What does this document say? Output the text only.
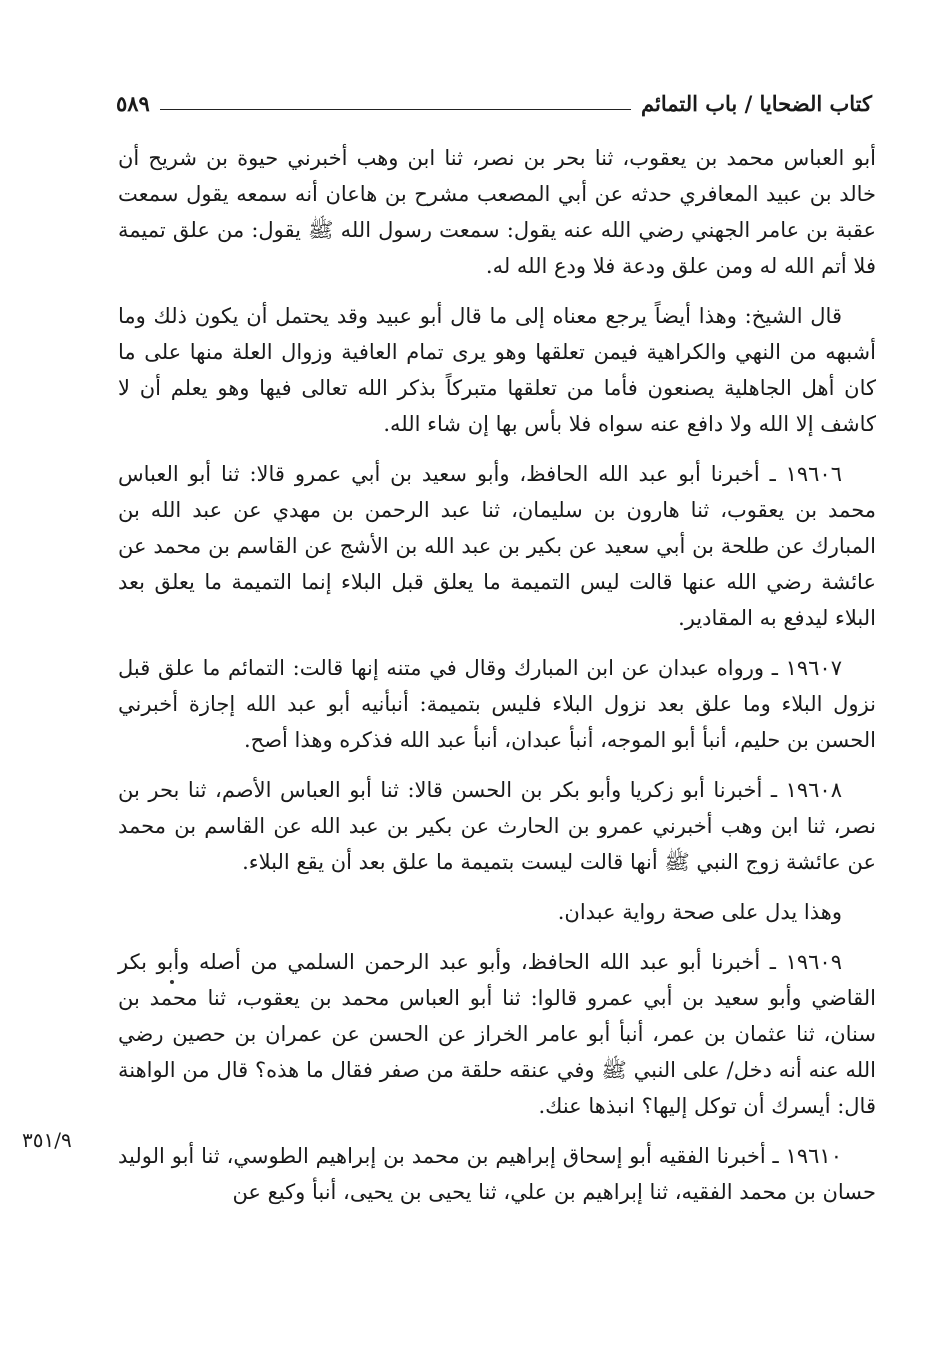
كتاب الضحايا / باب التمائم
٥٨٩

أبو العباس محمد بن يعقوب، ثنا بحر بن نصر، ثنا ابن وهب أخبرني حيوة بن شريح أن خالد بن عبيد المعافري حدثه عن أبي المصعب مشرح بن هاعان أنه سمعه يقول سمعت عقبة بن عامر الجهني رضي الله عنه يقول: سمعت رسول الله ﷺ يقول: من علق تميمة فلا أتم الله له ومن علق ودعة فلا ودع الله له.

قال الشيخ: وهذا أيضاً يرجع معناه إلى ما قال أبو عبيد وقد يحتمل أن يكون ذلك وما أشبهه من النهي والكراهية فيمن تعلقها وهو يرى تمام العافية وزوال العلة منها على ما كان أهل الجاهلية يصنعون فأما من تعلقها متبركاً بذكر الله تعالى فيها وهو يعلم أن لا كاشف إلا الله ولا دافع عنه سواه فلا بأس بها إن شاء الله.

١٩٦٠٦ ـ أخبرنا أبو عبد الله الحافظ، وأبو سعيد بن أبي عمرو قالا: ثنا أبو العباس محمد بن يعقوب، ثنا هارون بن سليمان، ثنا عبد الرحمن بن مهدي عن عبد الله بن المبارك عن طلحة بن أبي سعيد عن بكير بن عبد الله بن الأشج عن القاسم بن محمد عن عائشة رضي الله عنها قالت ليس التميمة ما يعلق قبل البلاء إنما التميمة ما يعلق بعد البلاء ليدفع به المقادير.

١٩٦٠٧ ـ ورواه عبدان عن ابن المبارك وقال في متنه إنها قالت: التمائم ما علق قبل نزول البلاء وما علق بعد نزول البلاء فليس بتميمة: أنبأنيه أبو عبد الله إجازة أخبرني الحسن بن حليم، أنبأ أبو الموجه، أنبأ عبدان، أنبأ عبد الله فذكره وهذا أصح.

١٩٦٠٨ ـ أخبرنا أبو زكريا وأبو بكر بن الحسن قالا: ثنا أبو العباس الأصم، ثنا بحر بن نصر، ثنا ابن وهب أخبرني عمرو بن الحارث عن بكير بن عبد الله عن القاسم بن محمد عن عائشة زوج النبي ﷺ أنها قالت ليست بتميمة ما علق بعد أن يقع البلاء.

وهذا يدل على صحة رواية عبدان.

١٩٦٠٩ ـ أخبرنا أبو عبد الله الحافظ، وأبو عبد الرحمن السلمي من أصله وأبو بكر القاضي وأبو سعيد بن أبي عمرو قالوا: ثنا أبو العباس محمد بن يعقوب، ثنا محمد بن سنان، ثنا عثمان بن عمر، أنبأ أبو عامر الخراز عن الحسن عن عمران بن حصين رضي الله عنه أنه دخل/ على النبي ﷺ وفي عنقه حلقة من صفر فقال ما هذه؟ قال من الواهنة قال: أيسرك أن توكل إليها؟ انبذها عنك.

١٩٦١٠ ـ أخبرنا الفقيه أبو إسحاق إبراهيم بن محمد بن إبراهيم الطوسي، ثنا أبو الوليد حسان بن محمد الفقيه، ثنا إبراهيم بن علي، ثنا يحيى بن يحيى، أنبأ وكيع عن

٣٥١/٩
